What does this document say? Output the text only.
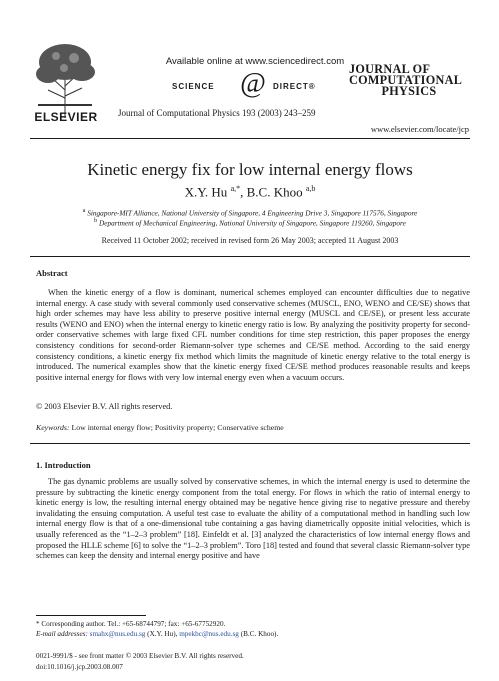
ELSEVIER
Available online at www.sciencedirect.com
SCIENCE @ DIRECT®
Journal of Computational Physics 193 (2003) 243–259
JOURNAL OF
COMPUTATIONAL
PHYSICS
www.elsevier.com/locate/jcp
Kinetic energy fix for low internal energy flows
X.Y. Hu $^{a,*}$, B.C. Khoo $^{a,b}$
$^a$ Singapore-MIT Alliance, National University of Singapore, 4 Engineering Drive 3, Singapore 117576, Singapore
$^b$ Department of Mechanical Engineering, National University of Singapore, Singapore 119260, Singapore
Received 11 October 2002; received in revised form 26 May 2003; accepted 11 August 2003
Abstract
When the kinetic energy of a flow is dominant, numerical schemes employed can encounter difficulties due to negative internal energy. A case study with several commonly used conservative schemes (MUSCL, ENO, WENO and CE/SE) shows that high order schemes may have less ability to preserve positive internal energy (MUSCL and CE/SE), or present less accurate results (WENO and ENO) when the internal energy to kinetic energy ratio is low. By analyzing the positivity property for second-order conservative schemes with large fixed CFL number conditions for time step restriction, this paper proposes the energy consistency conditions for second-order Riemann-solver type schemes and CE/SE method. According to the said energy consistency conditions, a kinetic energy fix method which limits the magnitude of kinetic energy relative to the total energy is introduced. The numerical examples show that the kinetic energy fixed CE/SE method produces reasonable results and keeps positive internal energy for flows with very low internal energy even when a vacuum occurs.
© 2003 Elsevier B.V. All rights reserved.
Keywords: Low internal energy flow; Positivity property; Conservative scheme
1. Introduction
The gas dynamic problems are usually solved by conservative schemes, in which the internal energy is used to determine the pressure by subtracting the kinetic energy component from the total energy. For flows in which the ratio of internal energy to kinetic energy is low, the resulting internal energy obtained may be negative hence giving rise to negative pressure and thereby invalidating the ensuing computation. A useful test case to evaluate the ability of a computational method in handling such low internal energy flow is that of a one-dimensional tube containing a gas having diametrically opposite initial velocities, which is usually referenced as the “1–2–3 problem” [18]. Einfeldt et al. [3] analyzed the characteristics of low internal energy flows and proposed the HLLE scheme [6] to solve the “1–2–3 problem”. Toro [18] tested and found that several classic Riemann-solver type schemes can keep the density and internal energy positive and have
* Corresponding author. Tel.: +65-68744797; fax: +65-67752920.
E-mail addresses: smahx@nus.edu.sg (X.Y. Hu), mpekbc@nus.edu.sg (B.C. Khoo).
0021-9991/$ - see front matter © 2003 Elsevier B.V. All rights reserved.
doi:10.1016/j.jcp.2003.08.007
